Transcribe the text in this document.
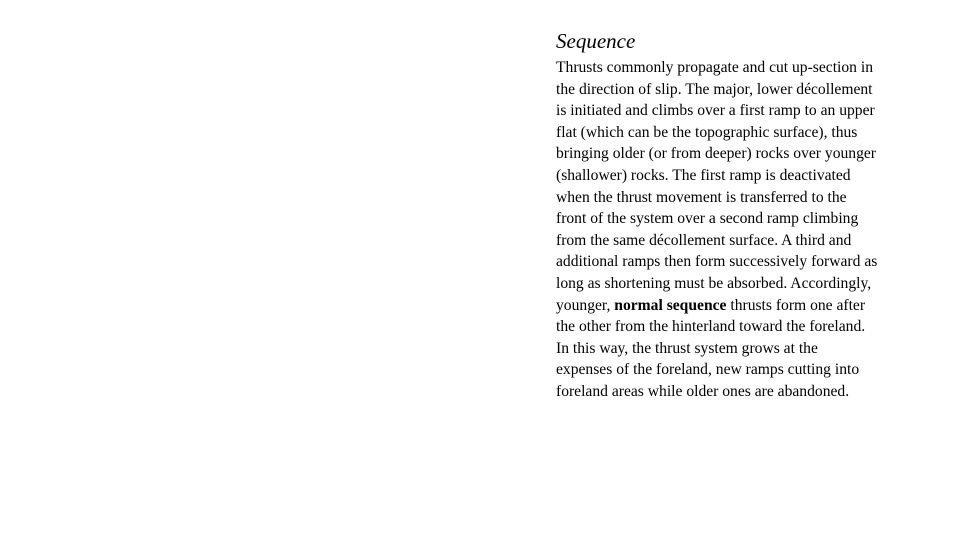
Sequence

Thrusts commonly propagate and cut up-section in
the direction of slip. The major, lower décollement
is initiated and climbs over a first ramp to an upper
flat (which can be the topographic surface), thus
bringing older (or from deeper) rocks over younger
(shallower) rocks. The first ramp is deactivated
when the thrust movement is transferred to the
front of the system over a second ramp climbing
from the same décollement surface. A third and
additional ramps then form successively forward as
long as shortening must be absorbed. Accordingly,
younger, normal sequence thrusts form one after
the other from the hinterland toward the foreland.
In this way, the thrust system grows at the
expenses of the foreland, new ramps cutting into
foreland areas while older ones are abandoned.
